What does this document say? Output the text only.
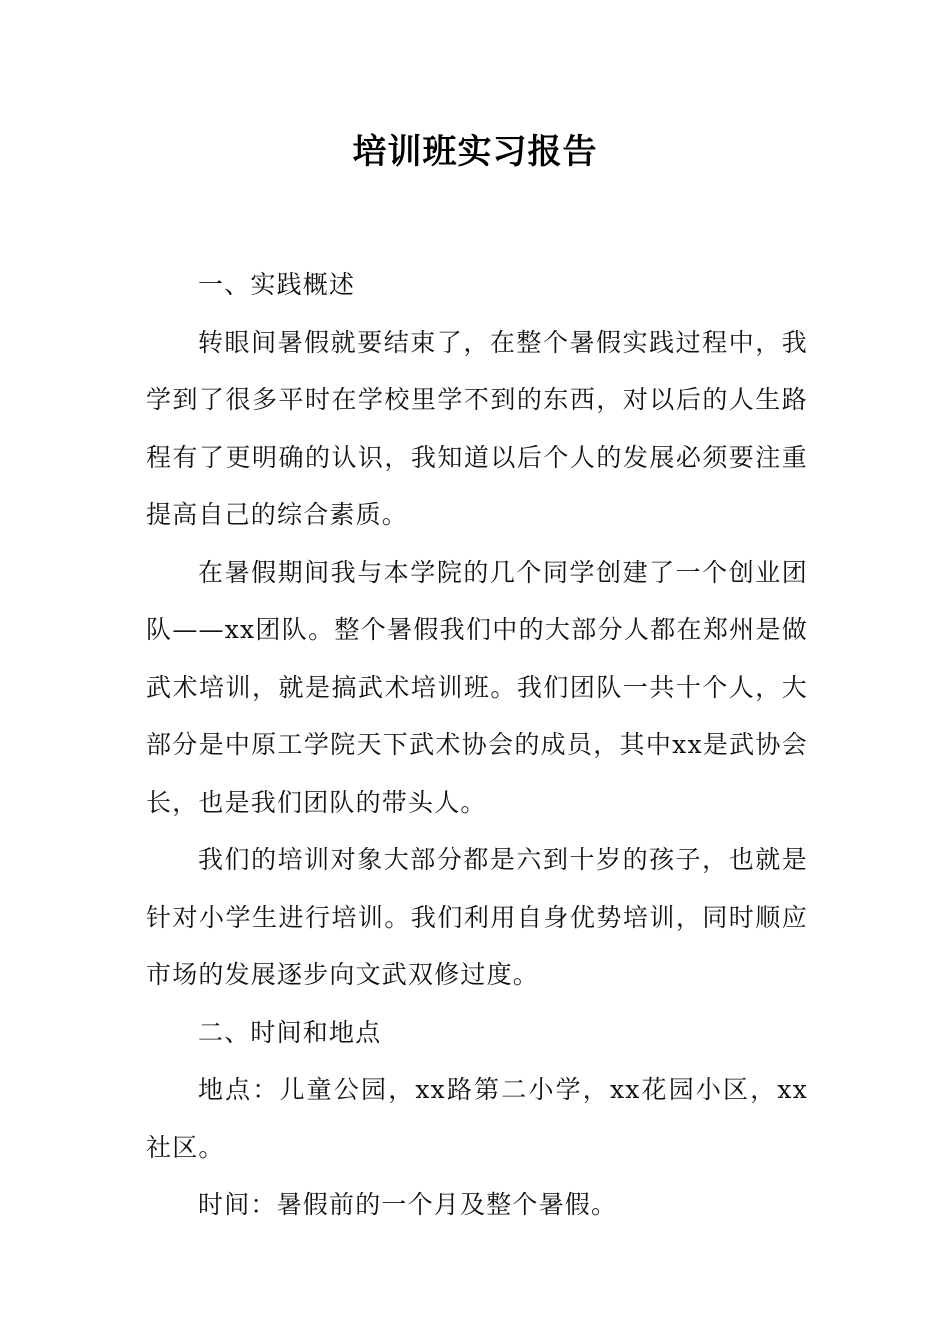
培训班实习报告

一、实践概述

转眼间暑假就要结束了，在整个暑假实践过程中，我学到了很多平时在学校里学不到的东西，对以后的人生路程有了更明确的认识，我知道以后个人的发展必须要注重提高自己的综合素质。

在暑假期间我与本学院的几个同学创建了一个创业团队——xx团队。整个暑假我们中的大部分人都在郑州是做武术培训，就是搞武术培训班。我们团队一共十个人，大部分是中原工学院天下武术协会的成员，其中xx是武协会长，也是我们团队的带头人。

我们的培训对象大部分都是六到十岁的孩子，也就是针对小学生进行培训。我们利用自身优势培训，同时顺应市场的发展逐步向文武双修过度。

二、时间和地点

地点：儿童公园，xx路第二小学，xx花园小区，xx社区。

时间：暑假前的一个月及整个暑假。
